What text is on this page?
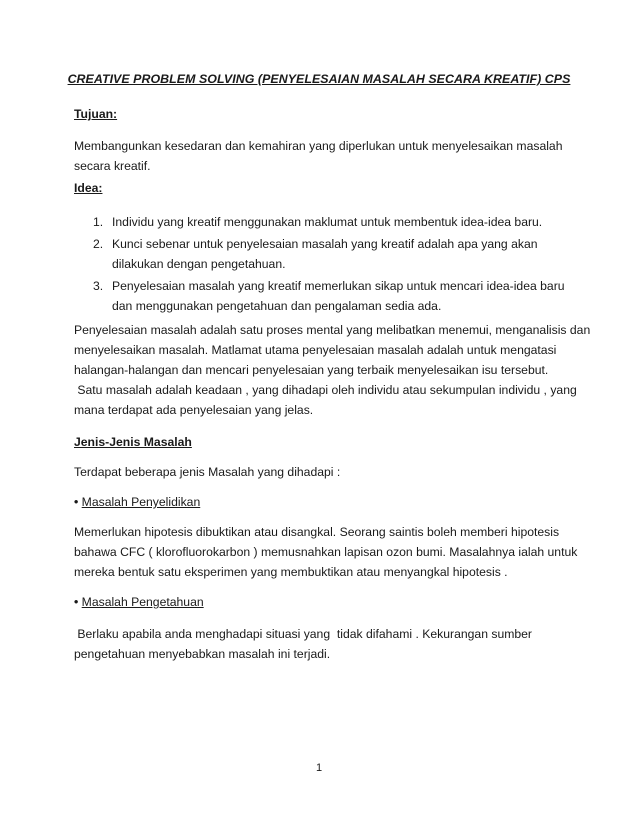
CREATIVE PROBLEM SOLVING (PENYELESAIAN MASALAH SECARA KREATIF) CPS

Tujuan:

Membangunkan kesedaran dan kemahiran yang diperlukan untuk menyelesaikan masalah
secara kreatif.

Idea:

1. Individu yang kreatif menggunakan maklumat untuk membentuk idea-idea baru.
2. Kunci sebenar untuk penyelesaian masalah yang kreatif adalah apa yang akan
dilakukan dengan pengetahuan.
3. Penyelesaian masalah yang kreatif memerlukan sikap untuk mencari idea-idea baru
dan menggunakan pengetahuan dan pengalaman sedia ada.

Penyelesaian masalah adalah satu proses mental yang melibatkan menemui, menganalisis dan
menyelesaikan masalah. Matlamat utama penyelesaian masalah adalah untuk mengatasi
halangan-halangan dan mencari penyelesaian yang terbaik menyelesaikan isu tersebut.
Satu masalah adalah keadaan , yang dihadapi oleh individu atau sekumpulan individu , yang
mana terdapat ada penyelesaian yang jelas.

Jenis-Jenis Masalah

Terdapat beberapa jenis Masalah yang dihadapi :

• Masalah Penyelidikan

Memerlukan hipotesis dibuktikan atau disangkal. Seorang saintis boleh memberi hipotesis
bahawa CFC ( klorofluorokarbon ) memusnahkan lapisan ozon bumi. Masalahnya ialah untuk
mereka bentuk satu eksperimen yang membuktikan atau menyangkal hipotesis .

• Masalah Pengetahuan

Berlaku apabila anda menghadapi situasi yang  tidak difahami . Kekurangan sumber
pengetahuan menyebabkan masalah ini terjadi.

1
